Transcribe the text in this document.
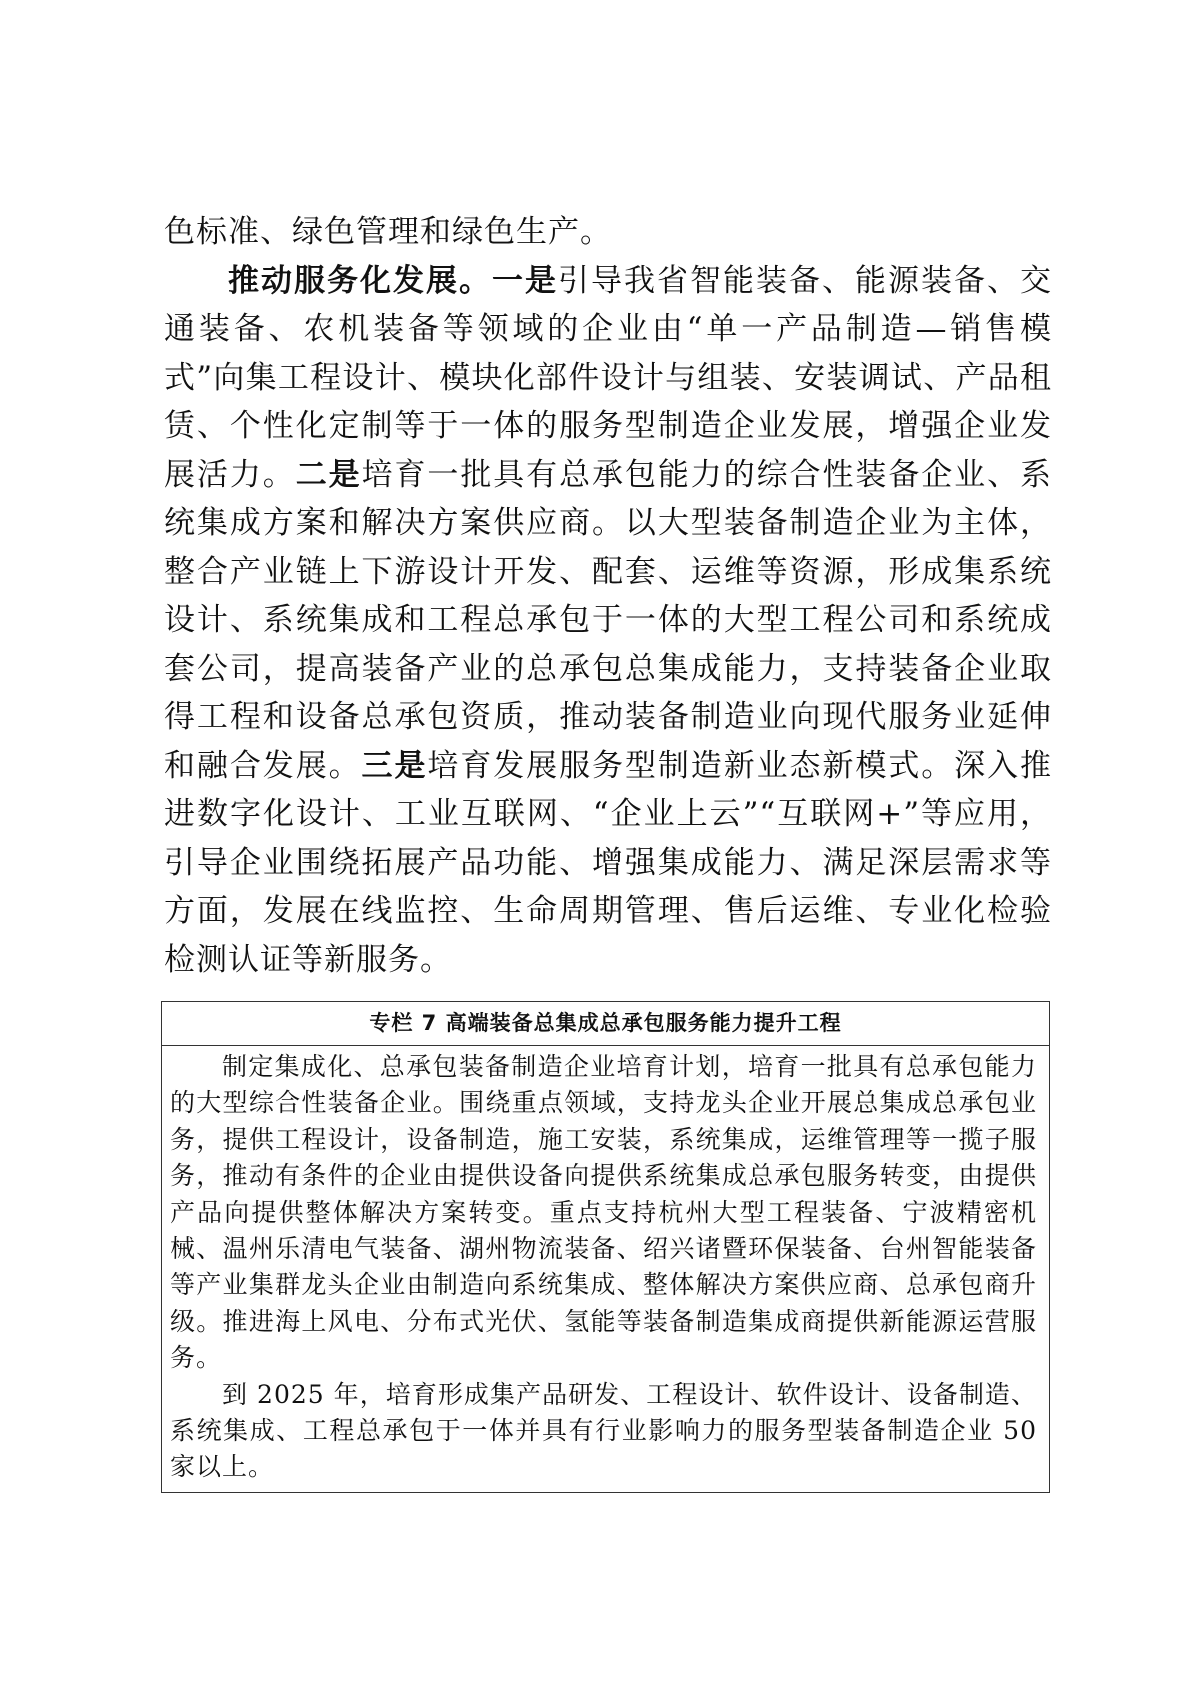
色标准、绿色管理和绿色生产。

推动服务化发展。一是引导我省智能装备、能源装备、交通装备、农机装备等领域的企业由“单一产品制造—销售模式”向集工程设计、模块化部件设计与组装、安装调试、产品租赁、个性化定制等于一体的服务型制造企业发展，增强企业发展活力。二是培育一批具有总承包能力的综合性装备企业、系统集成方案和解决方案供应商。以大型装备制造企业为主体，整合产业链上下游设计开发、配套、运维等资源，形成集系统设计、系统集成和工程总承包于一体的大型工程公司和系统成套公司，提高装备产业的总承包总集成能力，支持装备企业取得工程和设备总承包资质，推动装备制造业向现代服务业延伸和融合发展。三是培育发展服务型制造新业态新模式。深入推进数字化设计、工业互联网、“企业上云”“互联网+”等应用，引导企业围绕拓展产品功能、增强集成能力、满足深层需求等方面，发展在线监控、生命周期管理、售后运维、专业化检验检测认证等新服务。

专栏 7 高端装备总集成总承包服务能力提升工程

制定集成化、总承包装备制造企业培育计划，培育一批具有总承包能力的大型综合性装备企业。围绕重点领域，支持龙头企业开展总集成总承包业务，提供工程设计，设备制造，施工安装，系统集成，运维管理等一揽子服务，推动有条件的企业由提供设备向提供系统集成总承包服务转变，由提供产品向提供整体解决方案转变。重点支持杭州大型工程装备、宁波精密机械、温州乐清电气装备、湖州物流装备、绍兴诸暨环保装备、台州智能装备等产业集群龙头企业由制造向系统集成、整体解决方案供应商、总承包商升级。推进海上风电、分布式光伏、氢能等装备制造集成商提供新能源运营服务。

到 2025 年，培育形成集产品研发、工程设计、软件设计、设备制造、系统集成、工程总承包于一体并具有行业影响力的服务型装备制造企业 50 家以上。
